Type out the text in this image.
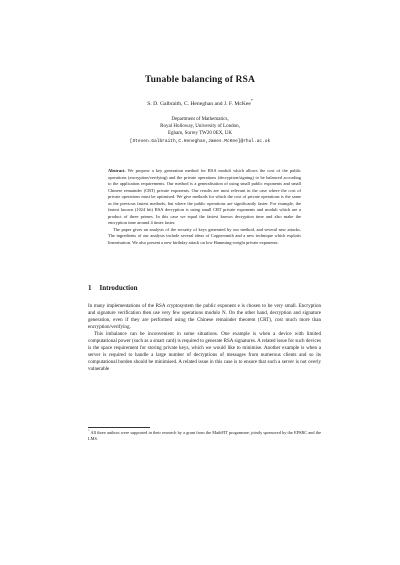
Tunable balancing of RSA
S. D. Galbraith, C. Heneghan and J. F. McKee*
Department of Mathematics,
Royal Holloway, University of London,
Egham, Surrey TW20 0EX, UK
[Steven.Galbraith,C.Heneghan,James.McKee]@rhul.ac.uk

Abstract. We propose a key generation method for RSA moduli which allows the cost of the public operations (encryption/verifying) and the private operations (decryption/signing) to be balanced according to the application requirements. Our method is a generalisation of using small public exponents and small Chinese remainder (CRT) private exponents. Our results are most relevant in the case where the cost of private operations must be optimised. We give methods for which the cost of private operations is the same as the previous fastest methods, but where the public operations are significantly faster. For example, the fastest known (1024 bit) RSA decryption is using small CRT private exponents and moduli which are a product of three primes. In this case we equal the fastest known decryption time and also make the encryption time around 4 times faster.

The paper gives an analysis of the security of keys generated by our method, and several new attacks. The ingredients of our analysis include several ideas of Coppersmith and a new technique which exploits linearisation. We also present a new birthday attack on low Hamming-weight private exponents.

1 Introduction

In many implementations of the RSA cryptosystem the public exponent e is chosen to be very small. Encryption and signature verification then use very few operations modulo N. On the other hand, decryption and signature generation, even if they are performed using the Chinese remainder theorem (CRT), cost much more than encryption/verifying.

This imbalance can be inconvenient in some situations. One example is when a device with limited computational power (such as a smart card) is required to generate RSA signatures. A related issue for such devices is the space requirement for storing private keys, which we would like to minimise. Another example is when a server is required to handle a large number of decryptions of messages from numerous clients and so its computational burden should be minimised. A related issue in this case is to ensure that such a server is not overly vulnerable

* All three authors were supported in their research by a grant from the MathFIT programme, jointly sponsored by the EPSRC and the LMS.
